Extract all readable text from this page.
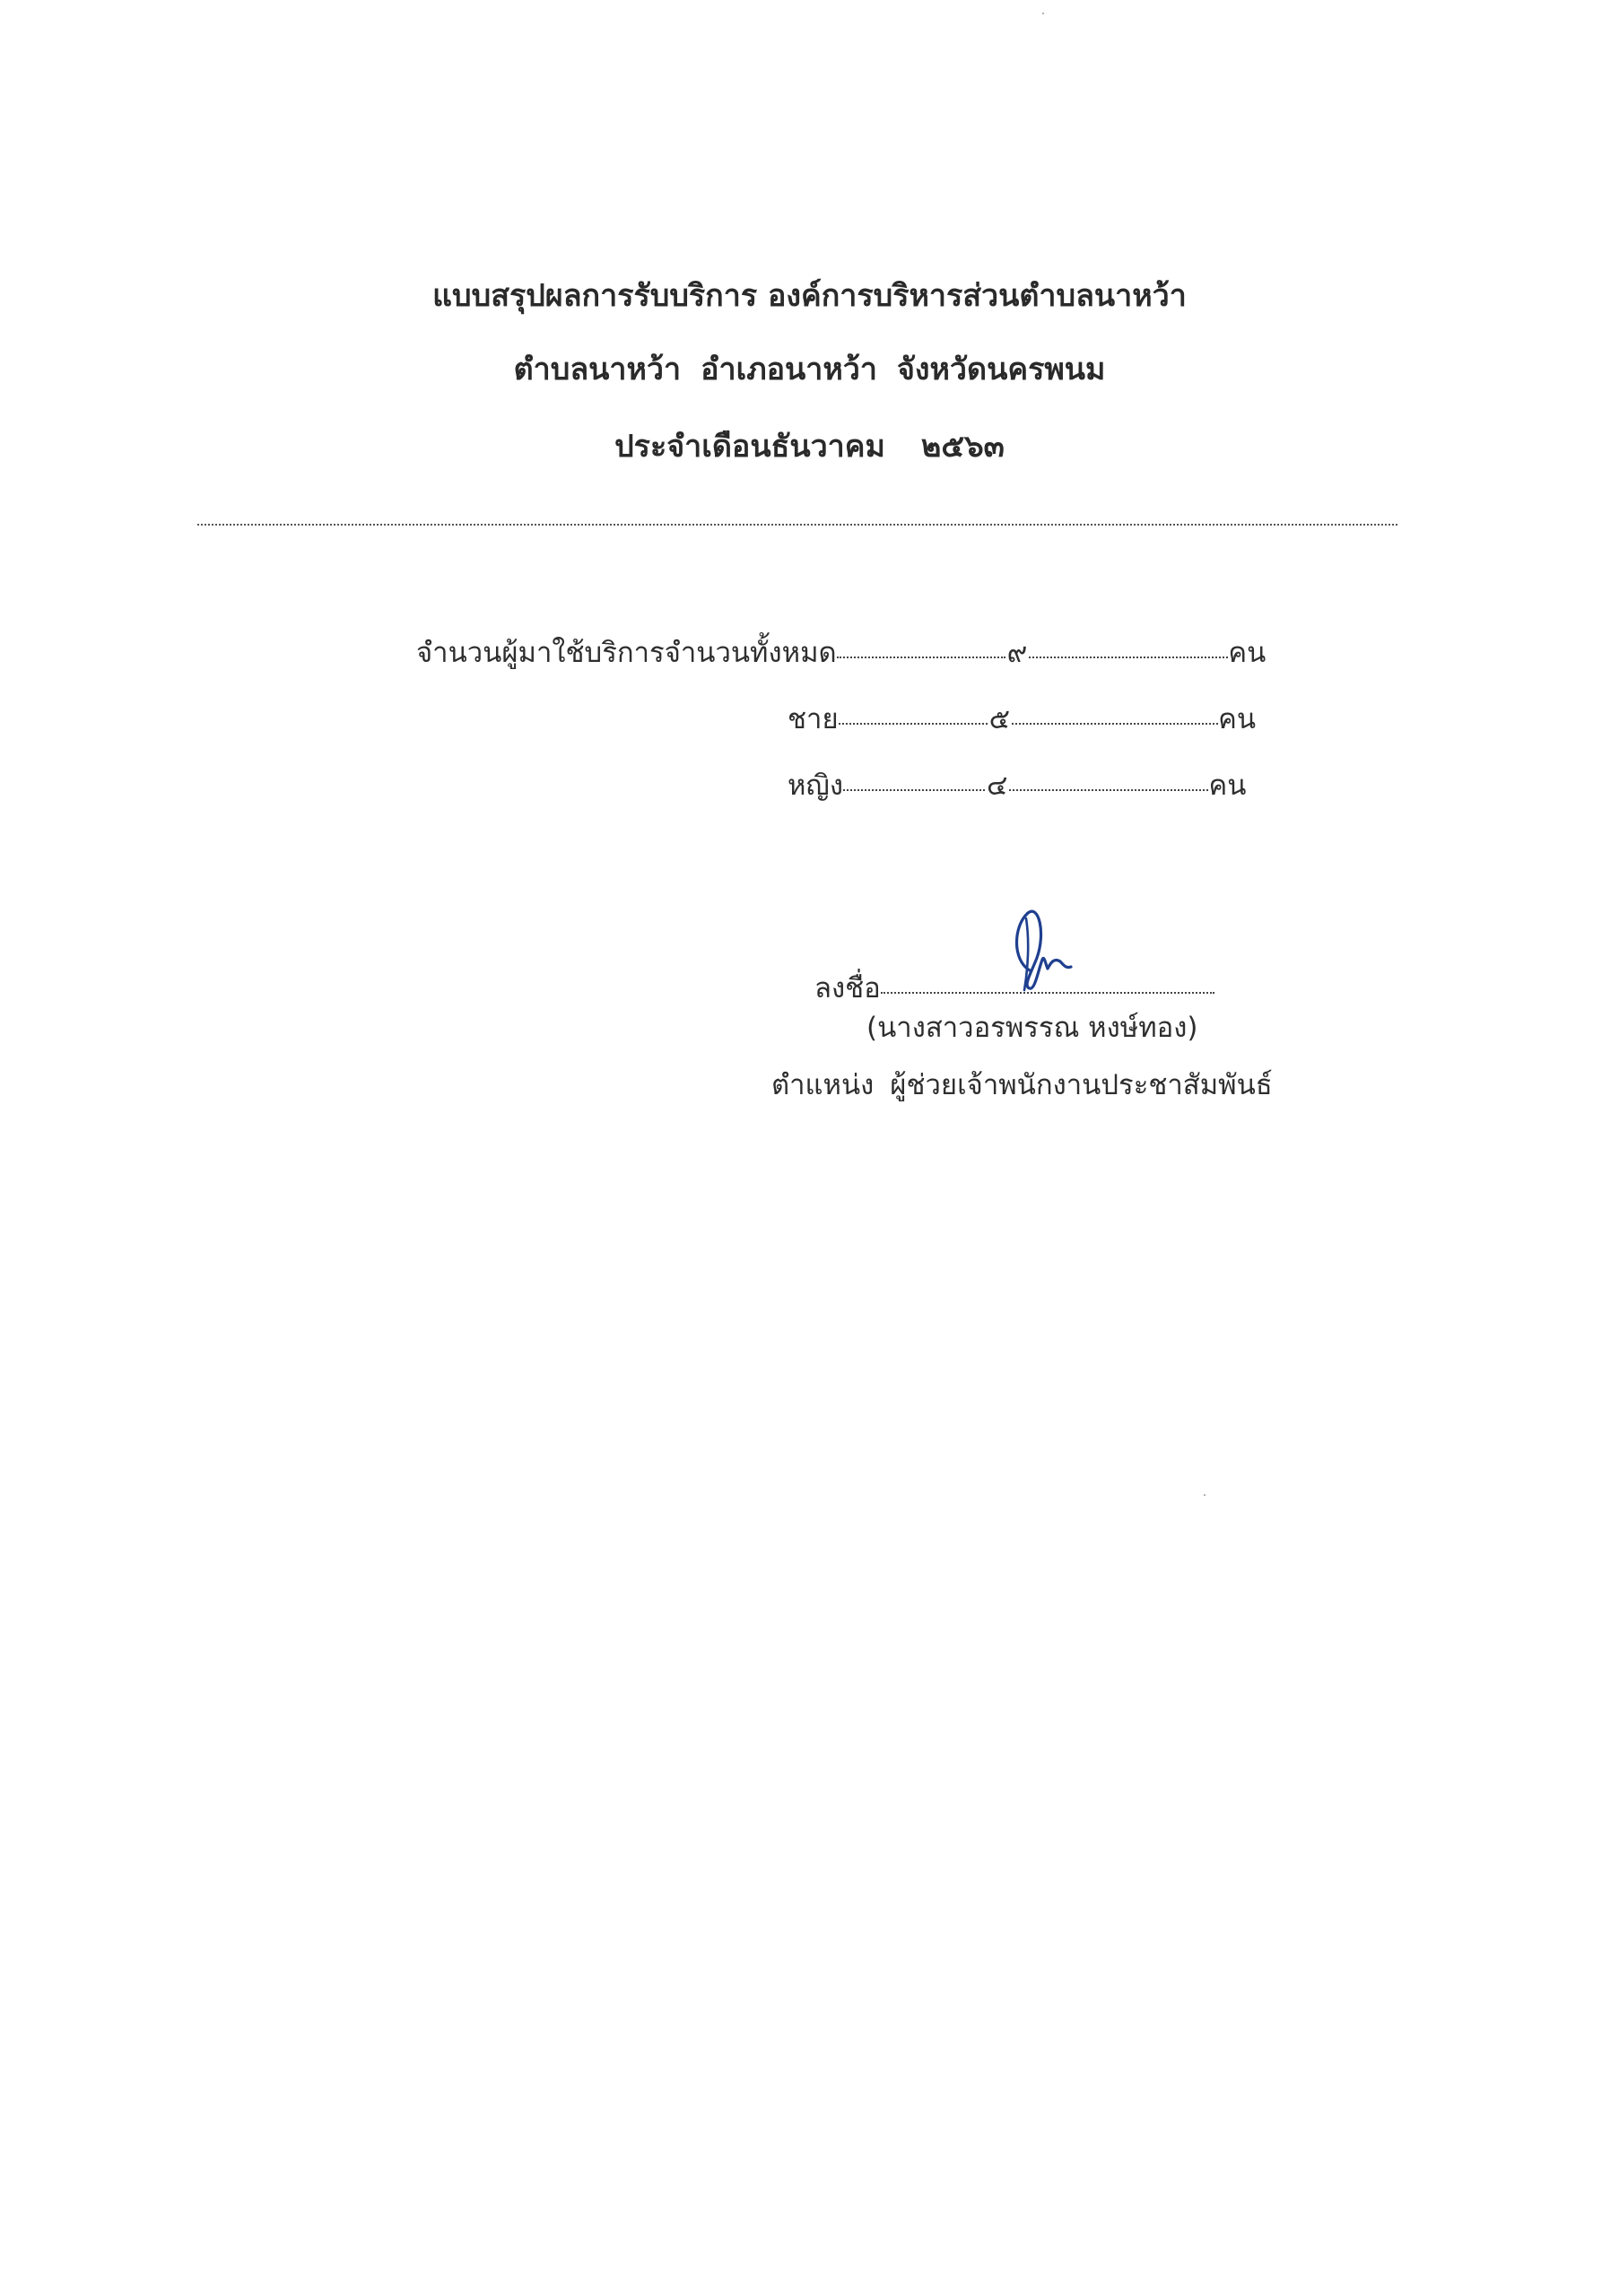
แบบสรุปผลการรับบริการ องค์การบริหารส่วนตำบลนาหว้า
ตำบลนาหว้า อำเภอนาหว้า จังหวัดนครพนม
ประจำเดือนธันวาคม ๒๕๖๓
จำนวนผู้มาใช้บริการจำนวนทั้งหมด	๙	คน
ชาย	๕	คน
หญิง	๔	คน
ลงชื่อ
(นางสาวอรพรรณ หงษ์ทอง)
ตำแหน่ง ผู้ช่วยเจ้าพนักงานประชาสัมพันธ์
